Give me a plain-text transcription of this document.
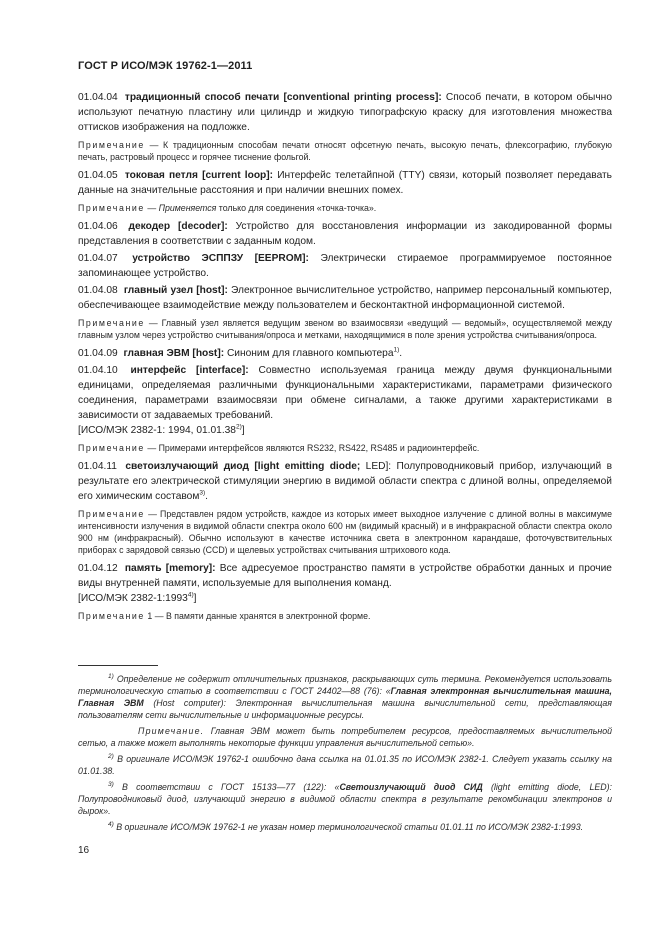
ГОСТ Р ИСО/МЭК 19762-1—2011

01.04.04 традиционный способ печати [conventional printing process]: Способ печати, в котором обычно используют печатную пластину или цилиндр и жидкую типографскую краску для изготовления множества оттисков изображения на подложке.

Примечание — К традиционным способам печати относят офсетную печать, высокую печать, флексографию, глубокую печать, растровый процесс и горячее тиснение фольгой.

01.04.05 токовая петля [current loop]: Интерфейс телетайпной (TTY) связи, который позволяет передавать данные на значительные расстояния и при наличии внешних помех.

Примечание — Применяется только для соединения «точка-точка».

01.04.06 декодер [decoder]: Устройство для восстановления информации из закодированной формы представления в соответствии с заданным кодом.

01.04.07 устройство ЭСППЗУ [EEPROM]: Электрически стираемое программируемое постоянное запоминающее устройство.

01.04.08 главный узел [host]: Электронное вычислительное устройство, например персональный компьютер, обеспечивающее взаимодействие между пользователем и бесконтактной информационной системой.

Примечание — Главный узел является ведущим звеном во взаимосвязи «ведущий — ведомый», осуществляемой между главным узлом через устройство считывания/опроса и метками, находящимися в поле зрения устройства считывания/опроса.

01.04.09 главная ЭВМ [host]: Синоним для главного компьютера$^{1)}$.

01.04.10 интерфейс [interface]: Совместно используемая граница между двумя функциональными единицами, определяемая различными функциональными характеристиками, параметрами физического соединения, параметрами взаимосвязи при обмене сигналами, а также другими характеристиками в зависимости от задаваемых требований.

[ИСО/МЭК 2382-1: 1994, 01.01.38$^{2)}$]

Примечание — Примерами интерфейсов являются RS232, RS422, RS485 и радиоинтерфейс.

01.04.11 светоизлучающий диод [light emitting diode; LED]: Полупроводниковый прибор, излучающий в результате его электрической стимуляции энергию в видимой области спектра с длиной волны, определяемой его химическим составом$^{3)}$.

Примечание — Представлен рядом устройств, каждое из которых имеет выходное излучение с длиной волны в максимуме интенсивности излучения в видимой области спектра около 600 нм (видимый красный) и в инфракрасной области спектра около 900 нм (инфракрасный). Обычно используют в качестве источника света в электронном карандаше, фоточувствительных приборах с зарядовой связью (CCD) и щелевых устройствах считывания штрихового кода.

01.04.12 память [memory]: Все адресуемое пространство памяти в устройстве обработки данных и прочие виды внутренней памяти, используемые для выполнения команд.

[ИСО/МЭК 2382-1:1993$^{4)}$]

Примечание 1 — В памяти данные хранятся в электронной форме.

$^{1)}$ Определение не содержит отличительных признаков, раскрывающих суть термина. Рекомендуется использовать терминологическую статью в соответствии с ГОСТ 24402—88 (76): «Главная электронная вычислительная машина, Главная ЭВМ (Host computer): Электронная вычислительная машина вычислительной сети, представляющая пользователям сети вычислительные и информационные ресурсы.

Примечание. Главная ЭВМ может быть потребителем ресурсов, предоставляемых вычислительной сетью, а также может выполнять некоторые функции управления вычислительной сетью».

$^{2)}$ В оригинале ИСО/МЭК 19762-1 ошибочно дана ссылка на 01.01.35 по ИСО/МЭК 2382-1. Следует указать ссылку на 01.01.38.

$^{3)}$ В соответствии с ГОСТ 15133—77 (122): «Светоизлучающий диод СИД (light emitting diode, LED): Полупроводниковый диод, излучающий энергию в видимой области спектра в результате рекомбинации электронов и дырок».

$^{4)}$ В оригинале ИСО/МЭК 19762-1 не указан номер терминологической статьи 01.01.11 по ИСО/МЭК 2382-1:1993.

16
